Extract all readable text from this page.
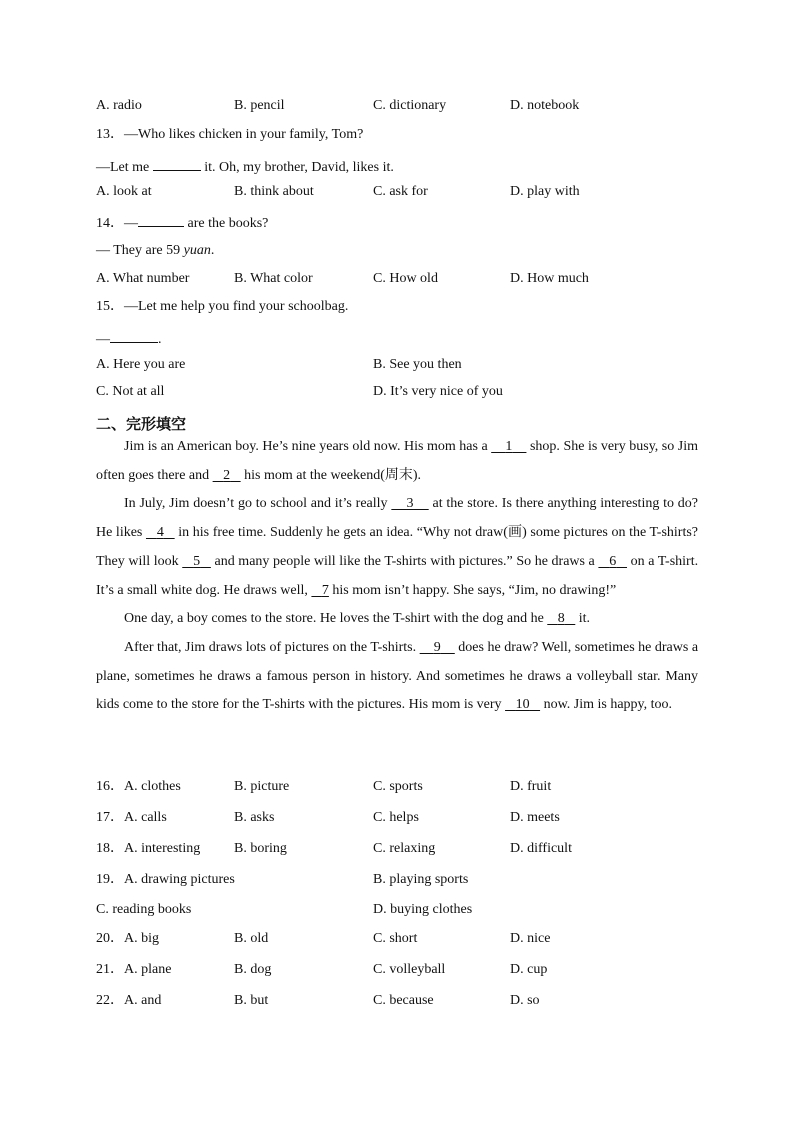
A. radio	B. pencil	C. dictionary	D. notebook
13．—Who likes chicken in your family, Tom?
—Let me	it. Oh, my brother, David, likes it.
A. look at	B. think about	C. ask for	D. play with
14．—	are the books?
— They are 59 yuan.
A. What number	B. What color	C. How old	D. How much
15．—Let me help you find your schoolbag.
—	.
A. Here you are	B. See you then
C. Not at all	D. It’s very nice of you
二、完形填空

Jim is an American boy. He’s nine years old now. His mom has a 1 shop. She is very busy, so Jim often goes there and 2 his mom at the weekend(周末).

In July, Jim doesn’t go to school and it’s really 3 at the store. Is there anything interesting to do? He likes 4 in his free time. Suddenly he gets an idea. “Why not draw(画) some pictures on the T-shirts? They will look 5 and many people will like the T-shirts with pictures.” So he draws a 6 on a T-shirt. It’s a small white dog. He draws well, 7 his mom isn’t happy. She says, “Jim, no drawing!”

One day, a boy comes to the store. He loves the T-shirt with the dog and he 8 it.

After that, Jim draws lots of pictures on the T-shirts. 9 does he draw? Well, sometimes he draws a plane, sometimes he draws a famous person in history. And sometimes he draws a volleyball star. Many kids come to the store for the T-shirts with the pictures. His mom is very 10 now. Jim is happy, too.

16．A. clothes	B. picture	C. sports	D. fruit
17．A. calls	B. asks	C. helps	D. meets
18．A. interesting B. boring	C. relaxing	D. difficult
19．A. drawing pictures	B. playing sports
C. reading books	D. buying clothes
20．A. big	B. old	C. short	D. nice
21．A. plane	B. dog	C. volleyball	D. cup
22．A. and	B. but	C. because	D. so
